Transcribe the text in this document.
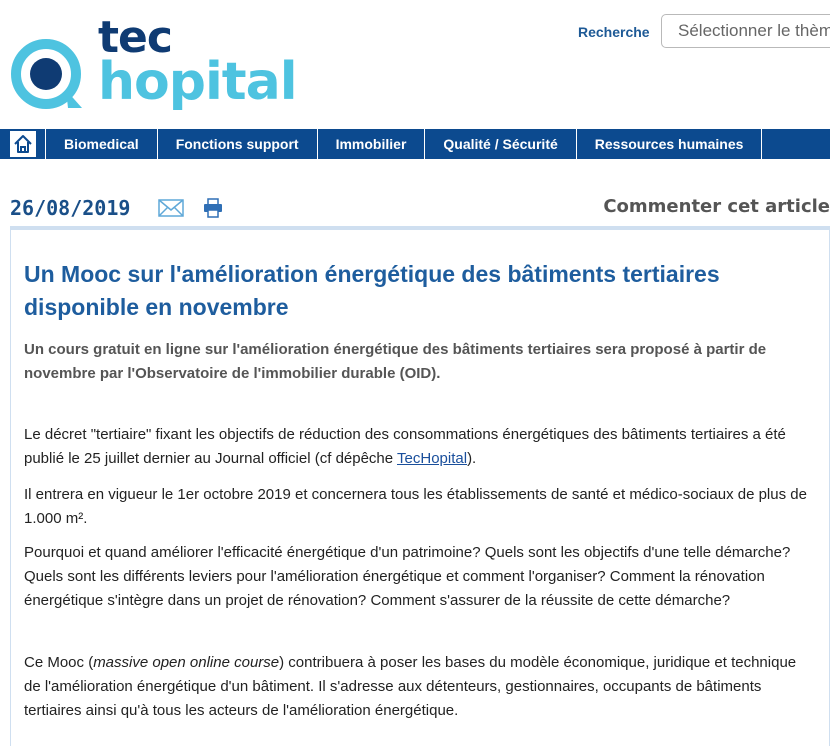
tec
hopital
Recherche
Sélectionner le thème
Biomedical	Fonctions support	Immobilier	Qualité / Sécurité	Ressources humaines
26/08/2019	Commenter cet article
Un Mooc sur l'amélioration énergétique des bâtiments tertiaires disponible en novembre

Un cours gratuit en ligne sur l'amélioration énergétique des bâtiments tertiaires sera proposé à partir de novembre par l'Observatoire de l'immobilier durable (OID).

Le décret "tertiaire" fixant les objectifs de réduction des consommations énergétiques des bâtiments tertiaires a été publié le 25 juillet dernier au Journal officiel (cf dépêche TecHopital).

Il entrera en vigueur le 1er octobre 2019 et concernera tous les établissements de santé et médico-sociaux de plus de 1.000 m².

Pourquoi et quand améliorer l'efficacité énergétique d'un patrimoine? Quels sont les objectifs d'une telle démarche? Quels sont les différents leviers pour l'amélioration énergétique et comment l'organiser? Comment la rénovation énergétique s'intègre dans un projet de rénovation? Comment s'assurer de la réussite de cette démarche?

Ce Mooc (massive open online course) contribuera à poser les bases du modèle économique, juridique et technique de l'amélioration énergétique d'un bâtiment. Il s'adresse aux détenteurs, gestionnaires, occupants de bâtiments tertiaires ainsi qu'à tous les acteurs de l'amélioration énergétique.
